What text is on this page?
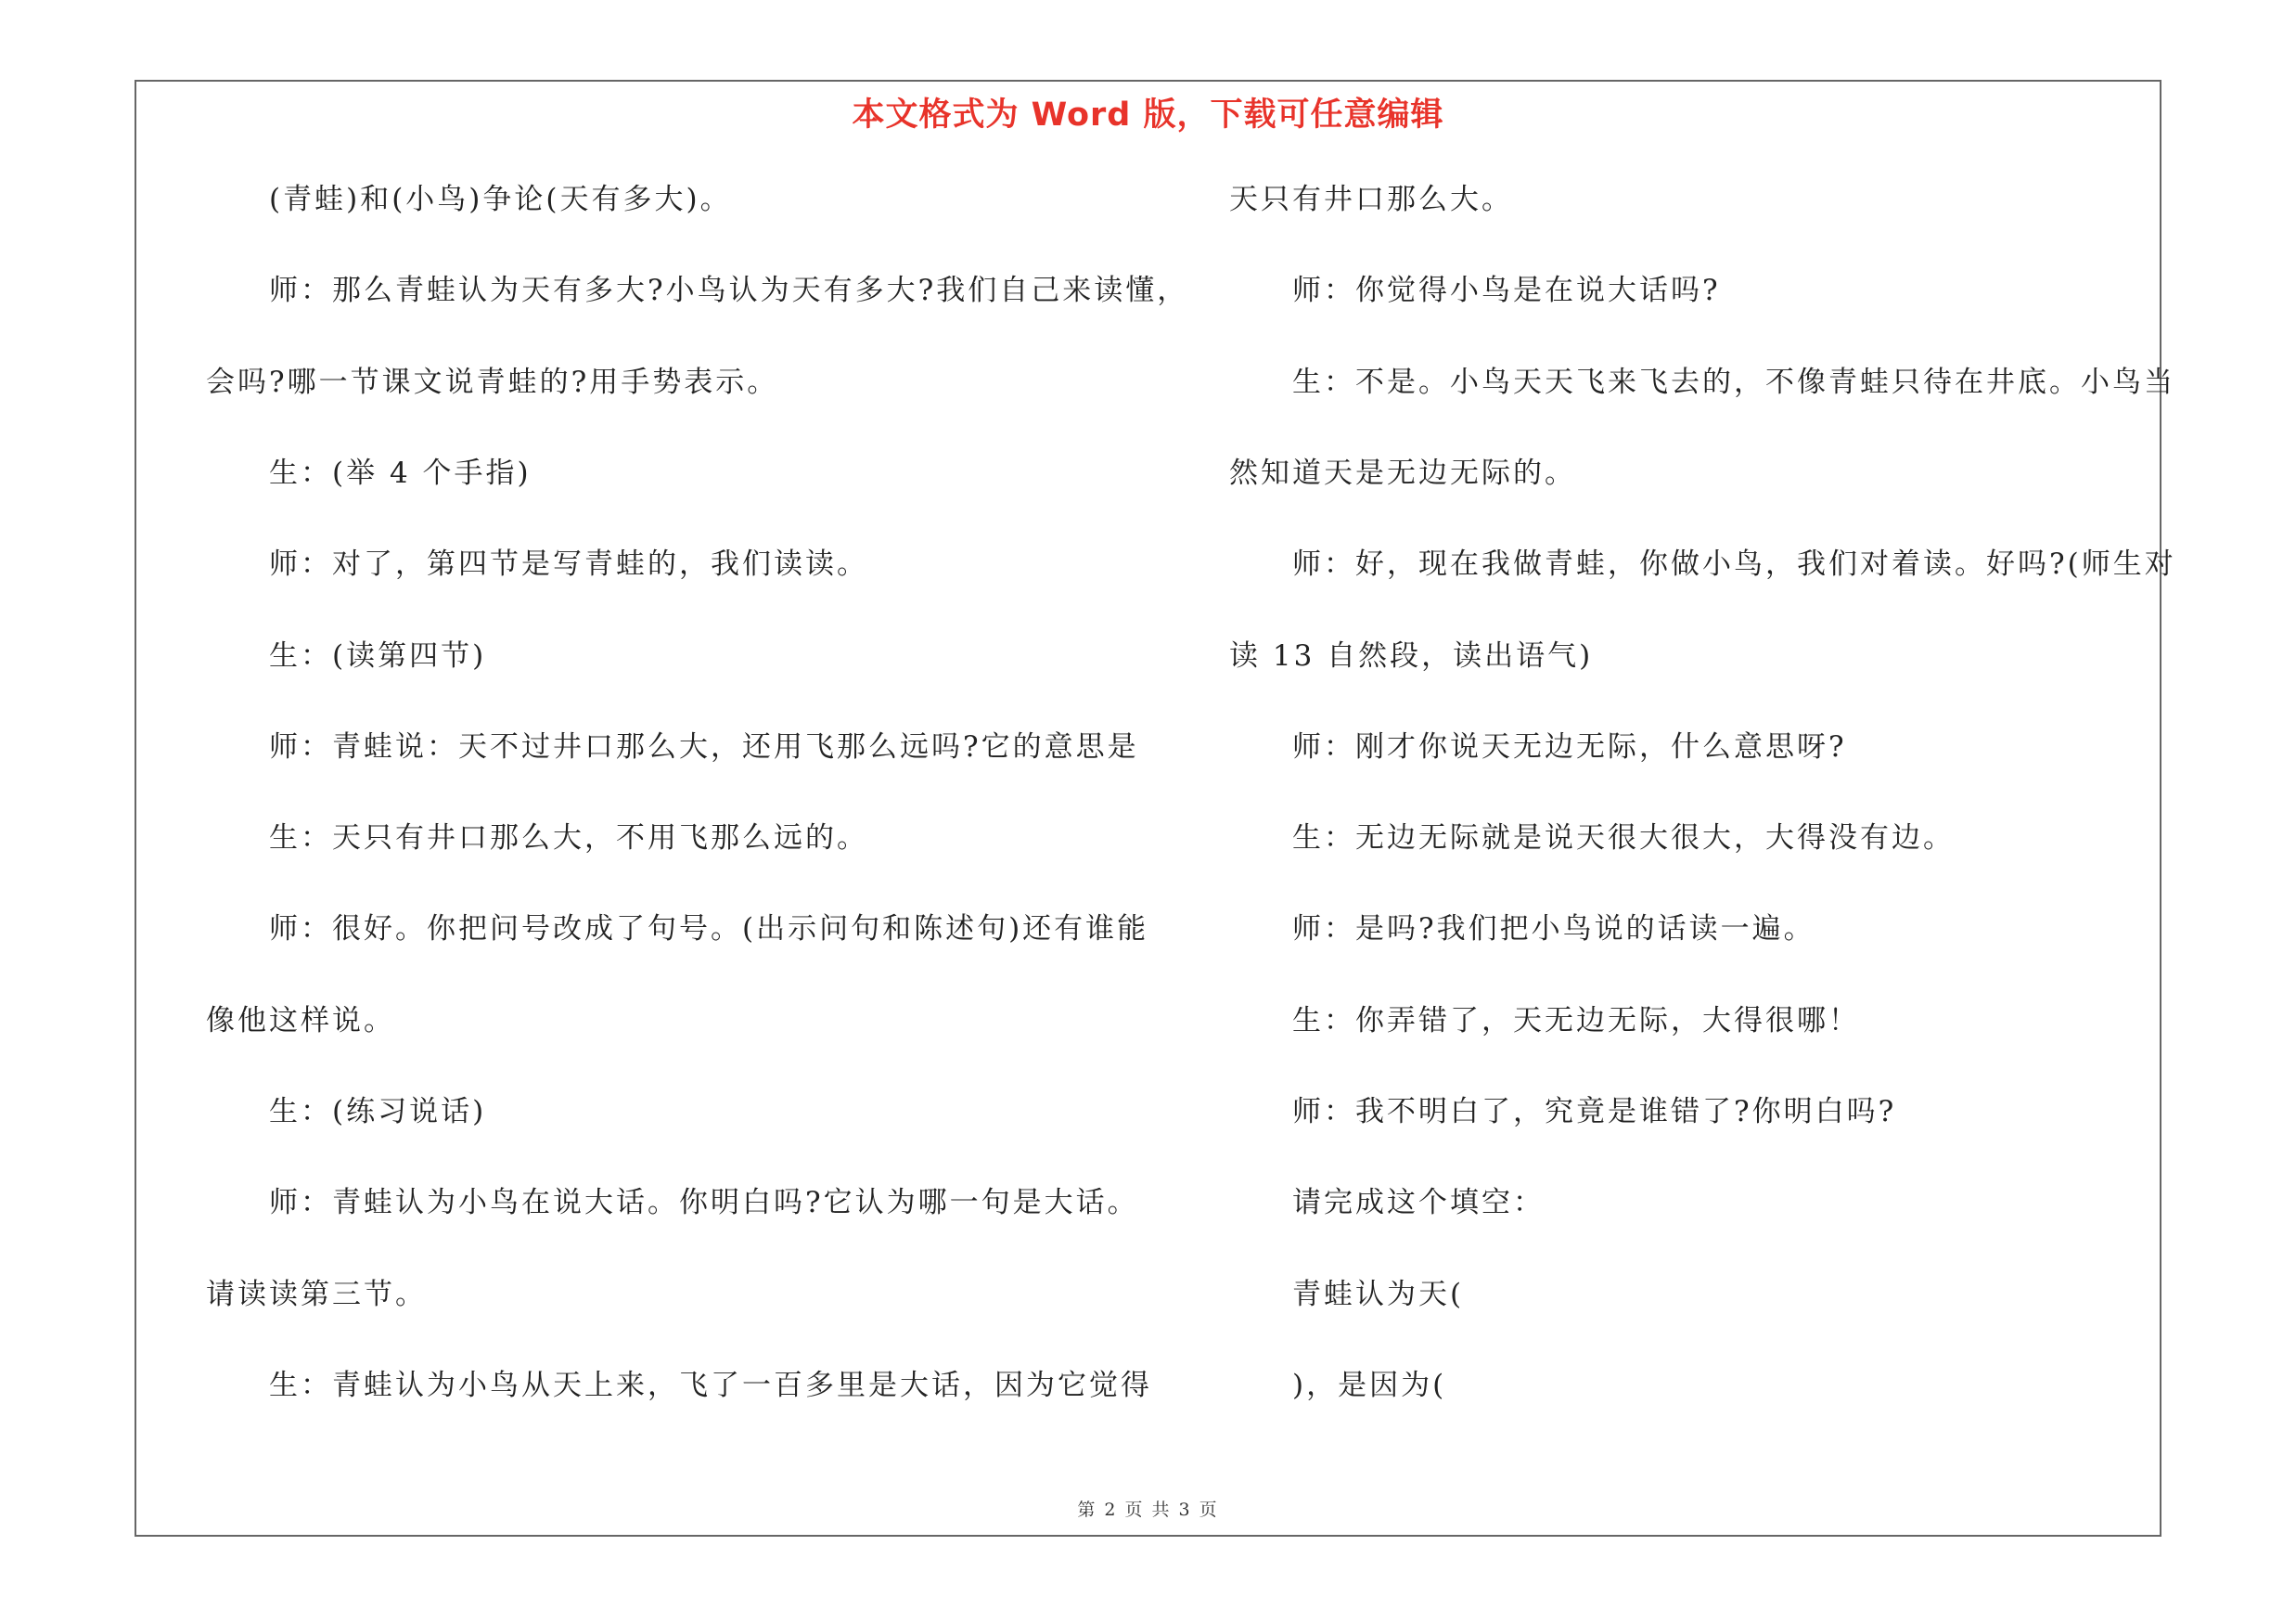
本文格式为 Word 版，下载可任意编辑
(青蛙)和(小鸟)争论(天有多大)。
师：那么青蛙认为天有多大?小鸟认为天有多大?我们自己来读懂，
会吗?哪一节课文说青蛙的?用手势表示。
生：(举 4 个手指)
师：对了，第四节是写青蛙的，我们读读。
生：(读第四节)
师：青蛙说：天不过井口那么大，还用飞那么远吗?它的意思是
生：天只有井口那么大，不用飞那么远的。
师：很好。你把问号改成了句号。(出示问句和陈述句)还有谁能
像他这样说。
生：(练习说话)
师：青蛙认为小鸟在说大话。你明白吗?它认为哪一句是大话。
请读读第三节。
生：青蛙认为小鸟从天上来，飞了一百多里是大话，因为它觉得
天只有井口那么大。
师：你觉得小鸟是在说大话吗?
生：不是。小鸟天天飞来飞去的，不像青蛙只待在井底。小鸟当
然知道天是无边无际的。
师：好，现在我做青蛙，你做小鸟，我们对着读。好吗?(师生对
读 13 自然段，读出语气)
师：刚才你说天无边无际，什么意思呀?
生：无边无际就是说天很大很大，大得没有边。
师：是吗?我们把小鸟说的话读一遍。
生：你弄错了，天无边无际，大得很哪！
师：我不明白了，究竟是谁错了?你明白吗?
请完成这个填空：
青蛙认为天(
)，是因为(
第 2 页 共 3 页
